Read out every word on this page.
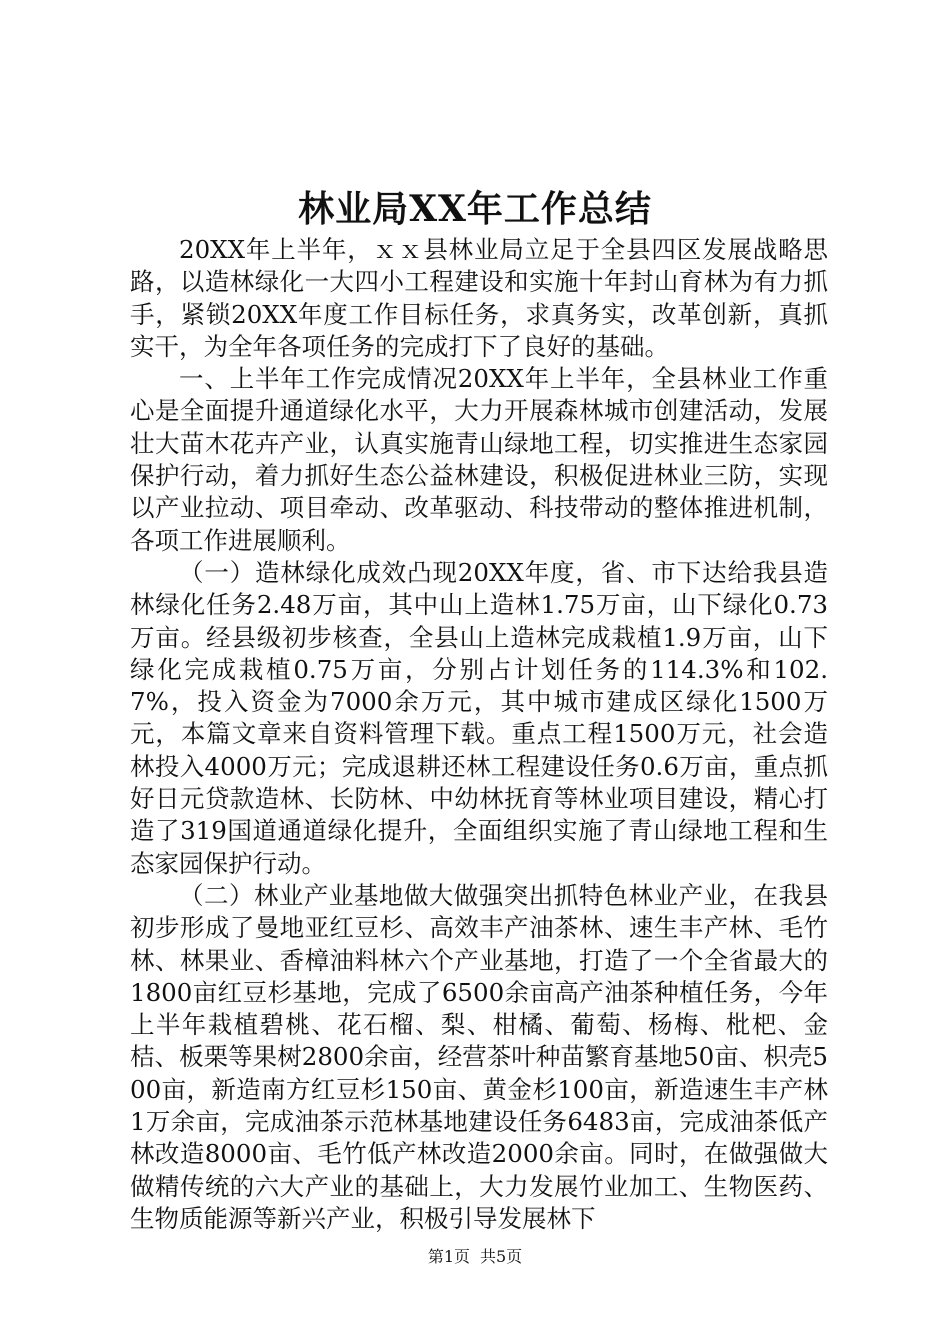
林业局XX年工作总结

20XX年上半年，ｘｘ县林业局立足于全县四区发展战略思路，以造林绿化一大四小工程建设和实施十年封山育林为有力抓手，紧锁20XX年度工作目标任务，求真务实，改革创新，真抓实干，为全年各项任务的完成打下了良好的基础。

一、上半年工作完成情况20XX年上半年，全县林业工作重心是全面提升通道绿化水平，大力开展森林城市创建活动，发展壮大苗木花卉产业，认真实施青山绿地工程，切实推进生态家园保护行动，着力抓好生态公益林建设，积极促进林业三防，实现以产业拉动、项目牵动、改革驱动、科技带动的整体推进机制，各项工作进展顺利。

（一）造林绿化成效凸现20XX年度，省、市下达给我县造林绿化任务2.48万亩，其中山上造林1.75万亩，山下绿化0.73万亩。经县级初步核查，全县山上造林完成栽植1.9万亩，山下绿化完成栽植0.75万亩，分别占计划任务的114.3%和102.7%，投入资金为7000余万元，其中城市建成区绿化1500万元，本篇文章来自资料管理下载。重点工程1500万元，社会造林投入4000万元；完成退耕还林工程建设任务0.6万亩，重点抓好日元贷款造林、长防林、中幼林抚育等林业项目建设，精心打造了319国道通道绿化提升，全面组织实施了青山绿地工程和生态家园保护行动。

（二）林业产业基地做大做强突出抓特色林业产业，在我县初步形成了曼地亚红豆杉、高效丰产油茶林、速生丰产林、毛竹林、林果业、香樟油料林六个产业基地，打造了一个全省最大的1800亩红豆杉基地，完成了6500余亩高产油茶种植任务，今年上半年栽植碧桃、花石榴、梨、柑橘、葡萄、杨梅、枇杷、金桔、板栗等果树2800余亩，经营茶叶种苗繁育基地50亩、枳壳500亩，新造南方红豆杉150亩、黄金杉100亩，新造速生丰产林1万余亩，完成油茶示范林基地建设任务6483亩，完成油茶低产林改造8000亩、毛竹低产林改造2000余亩。同时，在做强做大做精传统的六大产业的基础上，大力发展竹业加工、生物医药、生物质能源等新兴产业，积极引导发展林下

第1页 共5页
